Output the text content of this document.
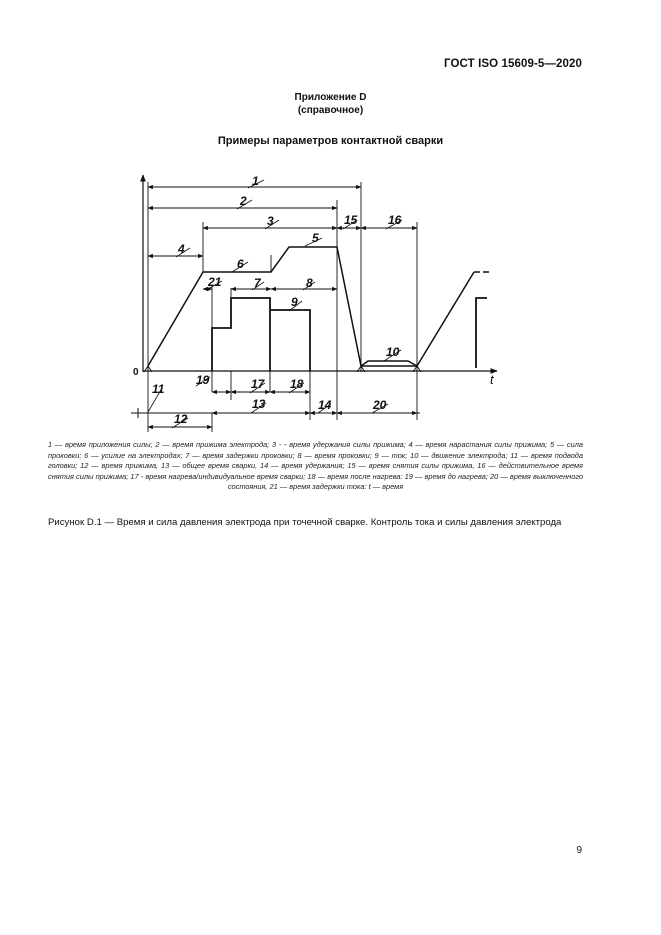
ГОСТ ISO 15609-5—2020
Приложение D
(справочное)
Примеры параметров контактной сварки
0	t
1
2
3
4
5
6
7	8
9
10
11
12
13	14
15	16
17 18
19
20
21
1 — время приложения силы; 2 — время прижима электрода; 3 - - время удержания силы прижима; 4 — время нарастания силы прижима; 5 — сила проковки; 6 — усилие на электродах; 7 — время задержки проковки; 8 — время проковки; 9 — ток; 10 — движение электрода; 11 — время подвода головки; 12 — время прижима, 13 — общее время сварки, 14 — время удержания; 15 — время снятия силы прижима, 16 — действительное время снятия силы прижима; 17 - время нагрева/индивидуальное время сварки; 18 — время после нагрева: 19 — время до нагрева; 20 — время выключенного состояния, 21 — время задержки тока: t — время
Рисунок D.1 — Время и сила давления электрода при точечной сварке. Контроль тока и силы давления электрода
9
